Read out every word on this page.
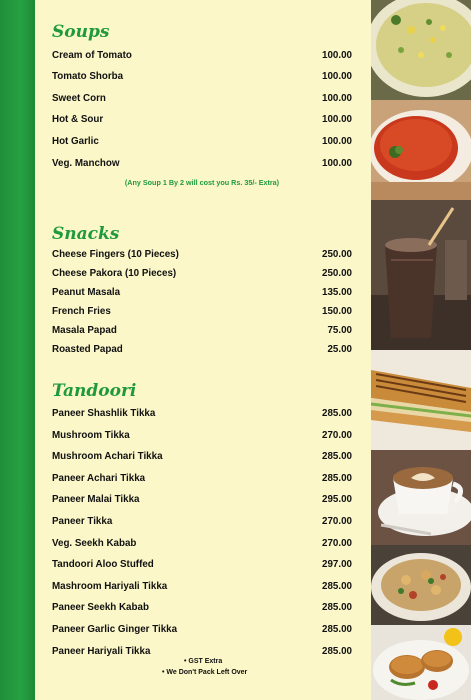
Soups
Cream of Tomato	100.00
Tomato Shorba	100.00
Sweet Corn	100.00
Hot & Sour	100.00
Hot Garlic	100.00
Veg. Manchow	100.00
(Any Soup 1 By 2 will cost you Rs. 35/- Extra)
Snacks
Cheese Fingers (10 Pieces)	250.00
Cheese Pakora (10 Pieces)	250.00
Peanut Masala	135.00
French Fries	150.00
Masala Papad	75.00
Roasted Papad	25.00
Tandoori
Paneer Shashlik Tikka	285.00
Mushroom Tikka	270.00
Mushroom Achari Tikka	285.00
Paneer Achari Tikka	285.00
Paneer Malai Tikka	295.00
Paneer Tikka	270.00
Veg. Seekh Kabab	270.00
Tandoori Aloo Stuffed	297.00
Mashroom Hariyali Tikka	285.00
Paneer Seekh Kabab	285.00
Paneer Garlic Ginger Tikka	285.00
Paneer Hariyali Tikka	285.00
• GST Extra
• We Don't Pack Left Over
